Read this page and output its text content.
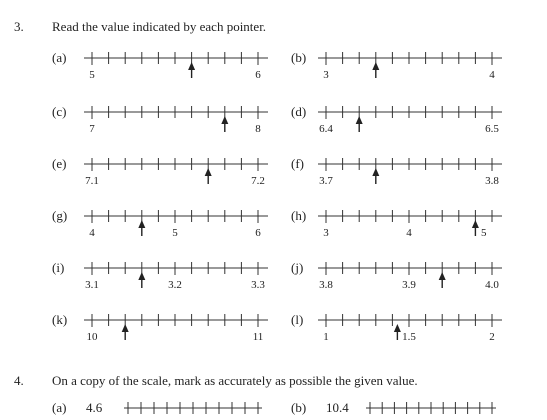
3. Read the value indicated by each pointer.
4. On a copy of the scale, mark as accurately as possible the given value.
(a)
5	6
(b)
3	4
(c)
7	8
(d)
6.4	6.5
(e)
7.1	7.2
(f)
3.7	3.8
(g)
4	5	6
(h)
3	4	5
(i)
3.1	3.2	3.3
(j)
3.8	3.9	4.0
(k)
10	11
(l)
1	1.5	2
(a) 4.6	(b) 10.4
